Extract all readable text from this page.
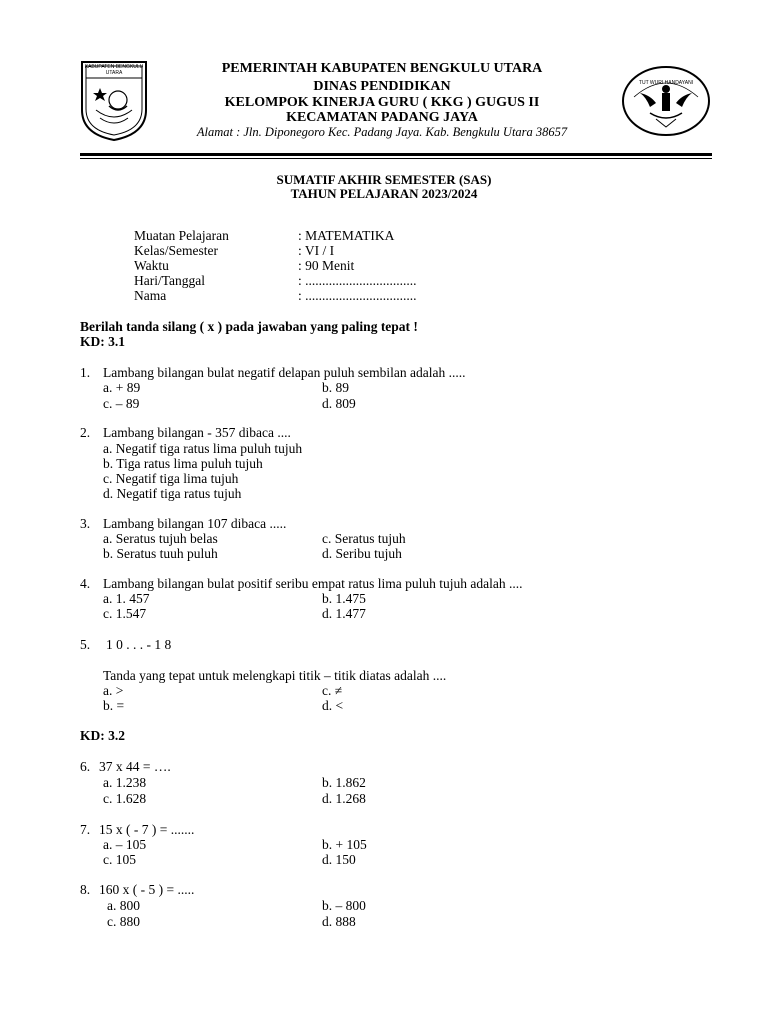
KABUPATEN BENGKULU UTARA
TUT WURI HANDAYANI
PEMERINTAH KABUPATEN BENGKULU UTARA
DINAS PENDIDIKAN
KELOMPOK KINERJA GURU ( KKG ) GUGUS II
KECAMATAN PADANG JAYA
Alamat : Jln. Diponegoro Kec. Padang Jaya. Kab. Bengkulu Utara 38657
SUMATIF AKHIR SEMESTER (SAS)
TAHUN PELAJARAN 2023/2024
Muatan Pelajaran	: MATEMATIKA
Kelas/Semester	: VI / I
Waktu	: 90 Menit
Hari/Tanggal	: .................................
Nama	: .................................
Berilah tanda silang ( x ) pada jawaban yang paling tepat !
KD: 3.1
1. Lambang bilangan bulat negatif delapan puluh sembilan adalah .....
a. + 89	b. 89
c. – 89	d. 809
2. Lambang bilangan - 357 dibaca ....
a. Negatif tiga ratus lima puluh tujuh
b. Tiga ratus lima puluh tujuh
c. Negatif tiga lima tujuh
d. Negatif tiga ratus tujuh
3. Lambang bilangan 107 dibaca .....
a. Seratus tujuh belas	c. Seratus tujuh
b. Seratus tuuh puluh	d. Seribu tujuh
4. Lambang bilangan bulat positif seribu empat ratus lima puluh tujuh adalah ....
a. 1. 457	b. 1.475
c. 1.547	d. 1.477
5. 1 0 . . . - 1 8
Tanda yang tepat untuk melengkapi titik – titik diatas adalah ....
a. >	c. ≠
b. =	d. <
KD: 3.2
6. 37 x 44 = ….
a. 1.238	b. 1.862
c. 1.628	d. 1.268
7. 15 x ( - 7 ) = .......
a. – 105	b. + 105
c. 105	d. 150
8. 160 x ( - 5 ) = .....
a. 800	b. – 800
c. 880	d. 888
